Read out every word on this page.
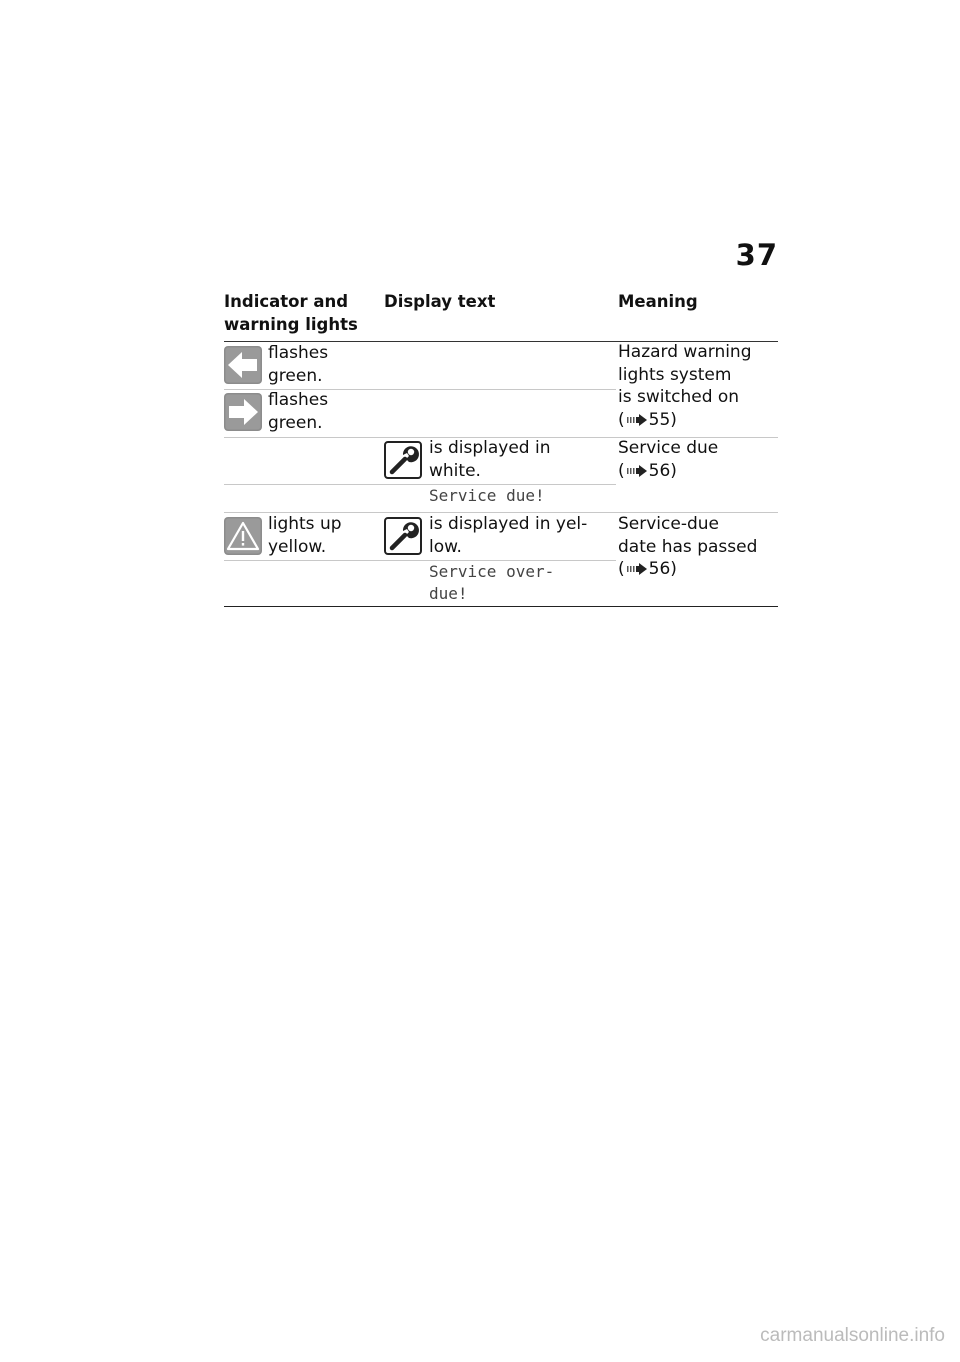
37
Indicator and
warning lights
Display text	Meaning
flashes
green.
flashes
green.
Hazard warning
lights system
is switched on
( 55)
is displayed in
white.
Service due
( 56)
Service due!
lights up
yellow.
is displayed in yel-
low.
Service-due
date has passed
( 56)
Service over-
due!
carmanualsonline.info
